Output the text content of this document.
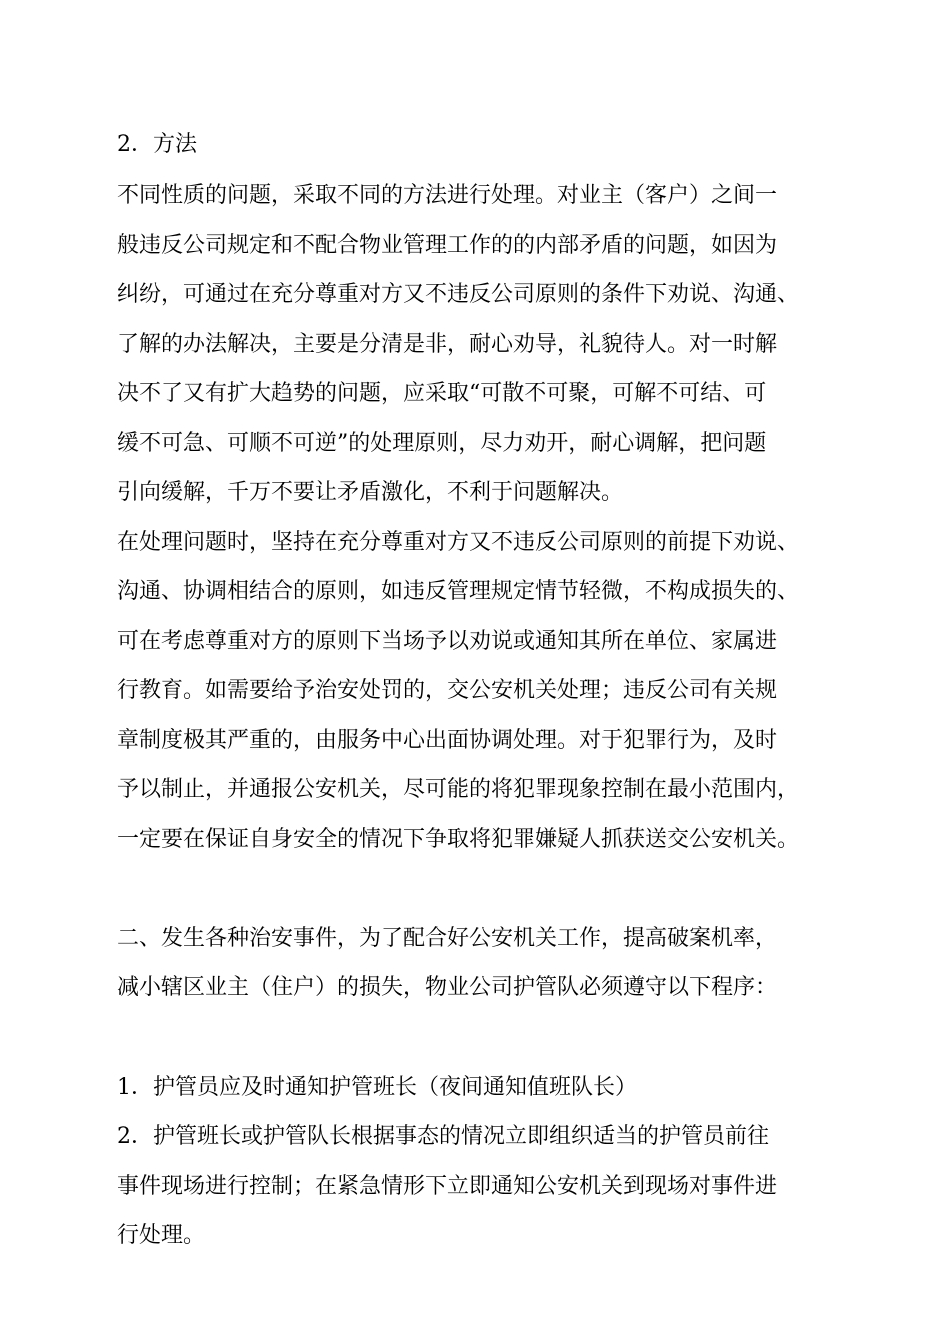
2．方法
不同性质的问题，采取不同的方法进行处理。对业主（客户）之间一
般违反公司规定和不配合物业管理工作的的内部矛盾的问题，如因为
纠纷，可通过在充分尊重对方又不违反公司原则的条件下劝说、沟通、
了解的办法解决，主要是分清是非，耐心劝导，礼貌待人。对一时解
决不了又有扩大趋势的问题，应采取“可散不可聚，可解不可结、可
缓不可急、可顺不可逆”的处理原则，尽力劝开，耐心调解，把问题
引向缓解，千万不要让矛盾激化，不利于问题解决。
在处理问题时，坚持在充分尊重对方又不违反公司原则的前提下劝说、
沟通、协调相结合的原则，如违反管理规定情节轻微，不构成损失的、
可在考虑尊重对方的原则下当场予以劝说或通知其所在单位、家属进
行教育。如需要给予治安处罚的，交公安机关处理；违反公司有关规
章制度极其严重的，由服务中心出面协调处理。对于犯罪行为，及时
予以制止，并通报公安机关，尽可能的将犯罪现象控制在最小范围内，
一定要在保证自身安全的情况下争取将犯罪嫌疑人抓获送交公安机关。
二、发生各种治安事件，为了配合好公安机关工作，提高破案机率，
减小辖区业主（住户）的损失，物业公司护管队必须遵守以下程序：
1．护管员应及时通知护管班长（夜间通知值班队长）
2．护管班长或护管队长根据事态的情况立即组织适当的护管员前往
事件现场进行控制；在紧急情形下立即通知公安机关到现场对事件进
行处理。
